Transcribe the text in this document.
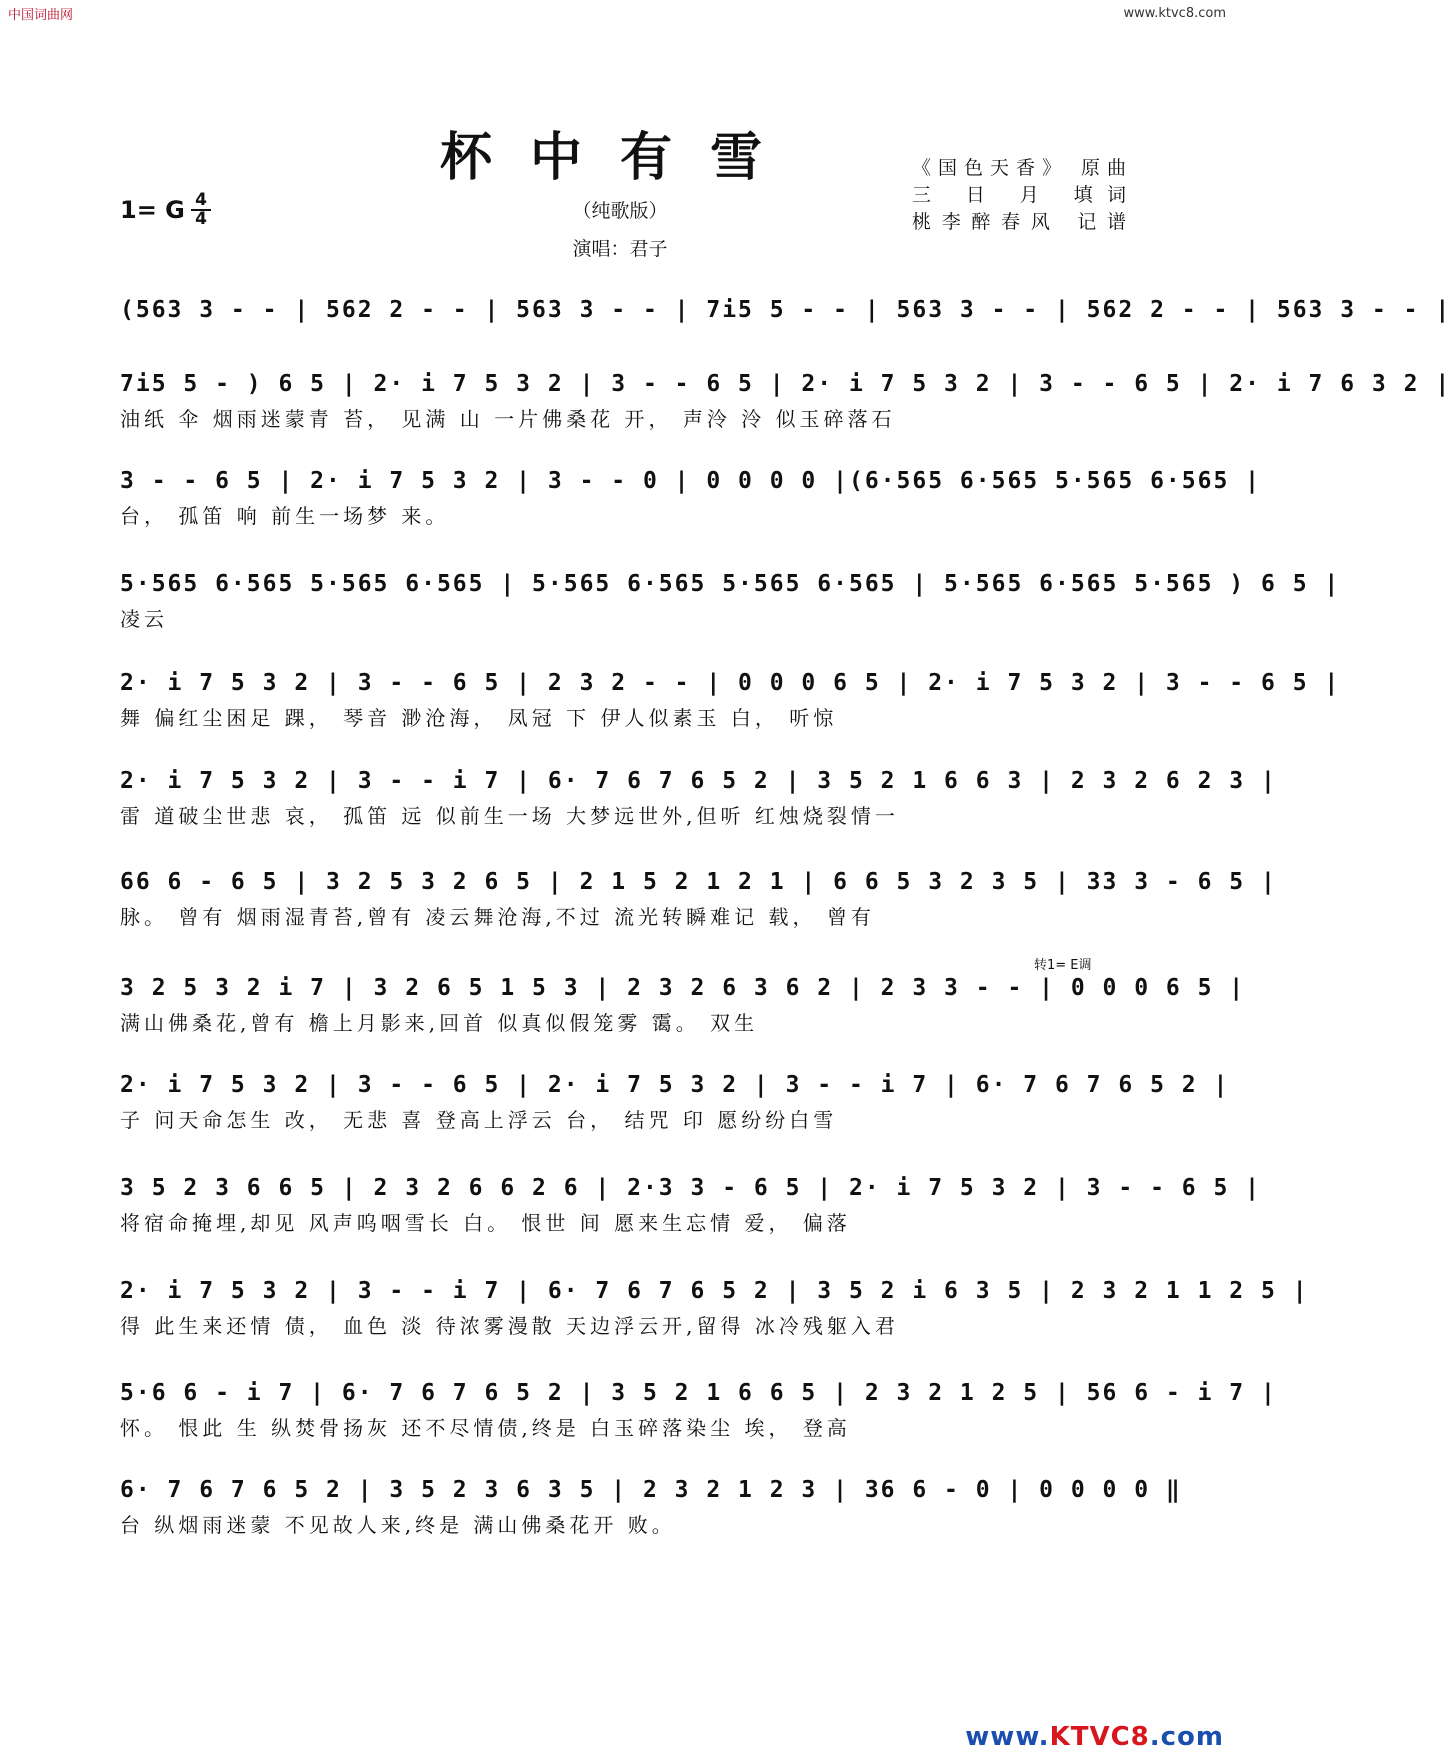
中国词曲网	www.ktvc8.com
www.KTVC8.com
杯中有雪
（纯歌版）
演唱：君子
《国色天香》 原曲
三 日 月 填词
桃李醉春风 记谱
1= G 4
4
转1= E调
(563 3 - - | 562 2 - - | 563 3 - - | 7i5 5 - - | 563 3 - - | 562 2 - - | 563 3 - - |
7i5 5 - ) 6 5 | 2· i 7 5 3 2 | 3 - - 6 5 | 2· i 7 5 3 2 | 3 - - 6 5 | 2· i 7 6 3 2 |
油纸 伞 烟雨迷蒙青 苔， 见满 山 一片佛桑花 开， 声泠 泠 似玉碎落石
3 - - 6 5 | 2· i 7 5 3 2 | 3 - - 0 | 0 0 0 0 |(6·565 6·565 5·565 6·565 |
台， 孤笛 响 前生一场梦 来。
5·565 6·565 5·565 6·565 | 5·565 6·565 5·565 6·565 | 5·565 6·565 5·565 ) 6 5 |
凌云
2· i 7 5 3 2 | 3 - - 6 5 | 2 3 2 - - | 0 0 0 6 5 | 2· i 7 5 3 2 | 3 - - 6 5 |
舞 偏红尘困足 踝， 琴音 渺沧海， 凤冠 下 伊人似素玉 白， 听惊
2· i 7 5 3 2 | 3 - - i 7 | 6· 7 6 7 6 5 2 | 3 5 2 1 6 6 3 | 2 3 2 6 2 3 |
雷 道破尘世悲 哀， 孤笛 远 似前生一场 大梦远世外,但听 红烛烧裂情一
66 6 - 6 5 | 3 2 5 3 2 6 5 | 2 1 5 2 1 2 1 | 6 6 5 3 2 3 5 | 33 3 - 6 5 |
脉。 曾有 烟雨湿青苔,曾有 凌云舞沧海,不过 流光转瞬难记 载， 曾有
3 2 5 3 2 i 7 | 3 2 6 5 1 5 3 | 2 3 2 6 3 6 2 | 2 3 3 - - | 0 0 0 6 5 |
满山佛桑花,曾有 檐上月影来,回首 似真似假笼雾 霭。 双生
2· i 7 5 3 2 | 3 - - 6 5 | 2· i 7 5 3 2 | 3 - - i 7 | 6· 7 6 7 6 5 2 |
子 问天命怎生 改， 无悲 喜 登高上浮云 台， 结咒 印 愿纷纷白雪
3 5 2 3 6 6 5 | 2 3 2 6 6 2 6 | 2·3 3 - 6 5 | 2· i 7 5 3 2 | 3 - - 6 5 |
将宿命掩埋,却见 风声呜咽雪长 白。 恨世 间 愿来生忘情 爱， 偏落
2· i 7 5 3 2 | 3 - - i 7 | 6· 7 6 7 6 5 2 | 3 5 2 i 6 3 5 | 2 3 2 1 1 2 5 |
得 此生来还情 债， 血色 淡 待浓雾漫散 天边浮云开,留得 冰冷残躯入君
5·6 6 - i 7 | 6· 7 6 7 6 5 2 | 3 5 2 1 6 6 5 | 2 3 2 1 2 5 | 56 6 - i 7 |
怀。 恨此 生 纵焚骨扬灰 还不尽情债,终是 白玉碎落染尘 埃， 登高
6· 7 6 7 6 5 2 | 3 5 2 3 6 3 5 | 2 3 2 1 2 3 | 36 6 - 0 | 0 0 0 0 ‖
台 纵烟雨迷蒙 不见故人来,终是 满山佛桑花开 败。
